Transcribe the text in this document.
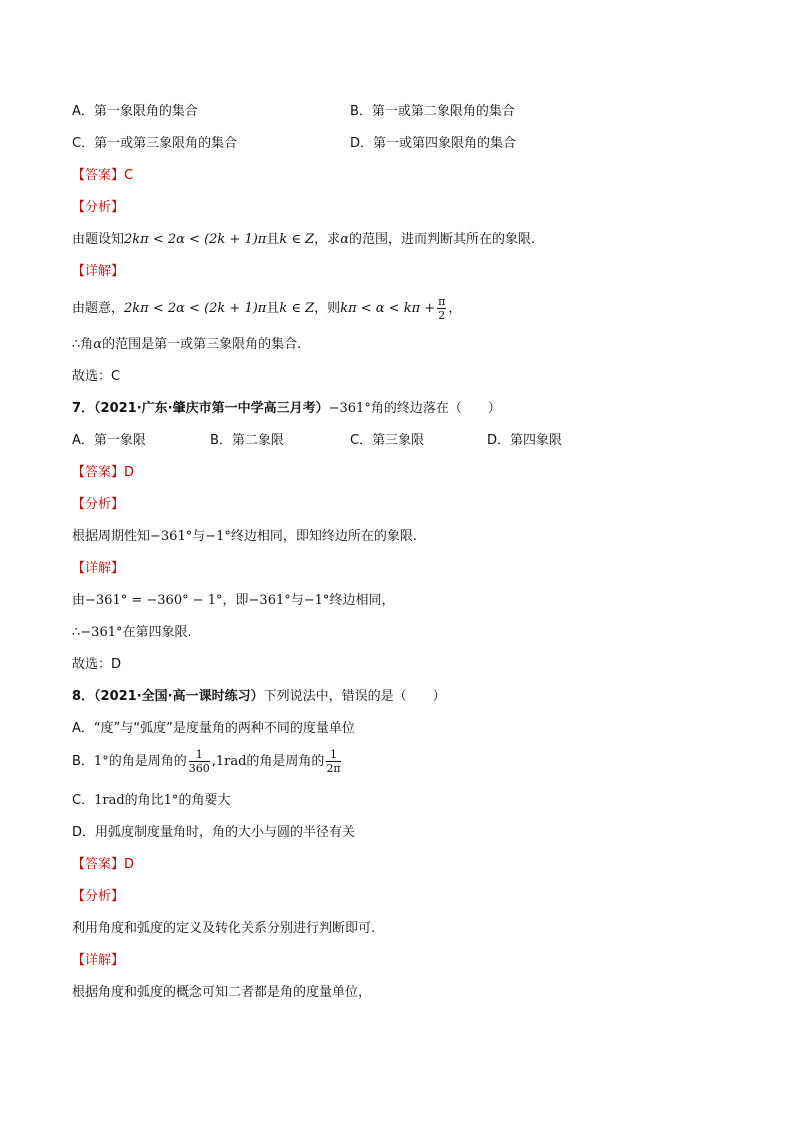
A．第一象限角的集合	B．第一或第二象限角的集合
C．第一或第三象限角的集合	D．第一或第四象限角的集合
【答案】C
【分析】
由题设知2kπ < 2α < (2k + 1)π且k ∈ Z，求α的范围，进而判断其所在的象限.
【详解】
由题意，2kπ < 2α < (2k + 1)π且k ∈ Z，则$k\pi < \alpha < k\pi + \frac{\pi}{2}$ ，
∴角α的范围是第一或第三象限角的集合.
故选：C
7．（2021·广东·肇庆市第一中学高三月考）−361°角的终边落在（　　）
A．第一象限	B．第二象限	C．第三象限	D．第四象限
【答案】D
【分析】
根据周期性知−361°与−1°终边相同，即知终边所在的象限.
【详解】
由−361° = −360° − 1°，即−361°与−1°终边相同，
∴−361°在第四象限.
故选：D
8．（2021·全国·高一课时练习）下列说法中，错误的是（　　）
A．“度”与“弧度”是度量角的两种不同的度量单位
B．1°的角是周角的 $\frac{1}{360} ,1rad$的角是周角的 $\frac{1}{2\pi}$
C．1rad的角比1°的角要大
D．用弧度制度量角时，角的大小与圆的半径有关
【答案】D
【分析】
利用角度和弧度的定义及转化关系分别进行判断即可.
【详解】
根据角度和弧度的概念可知二者都是角的度量单位，
